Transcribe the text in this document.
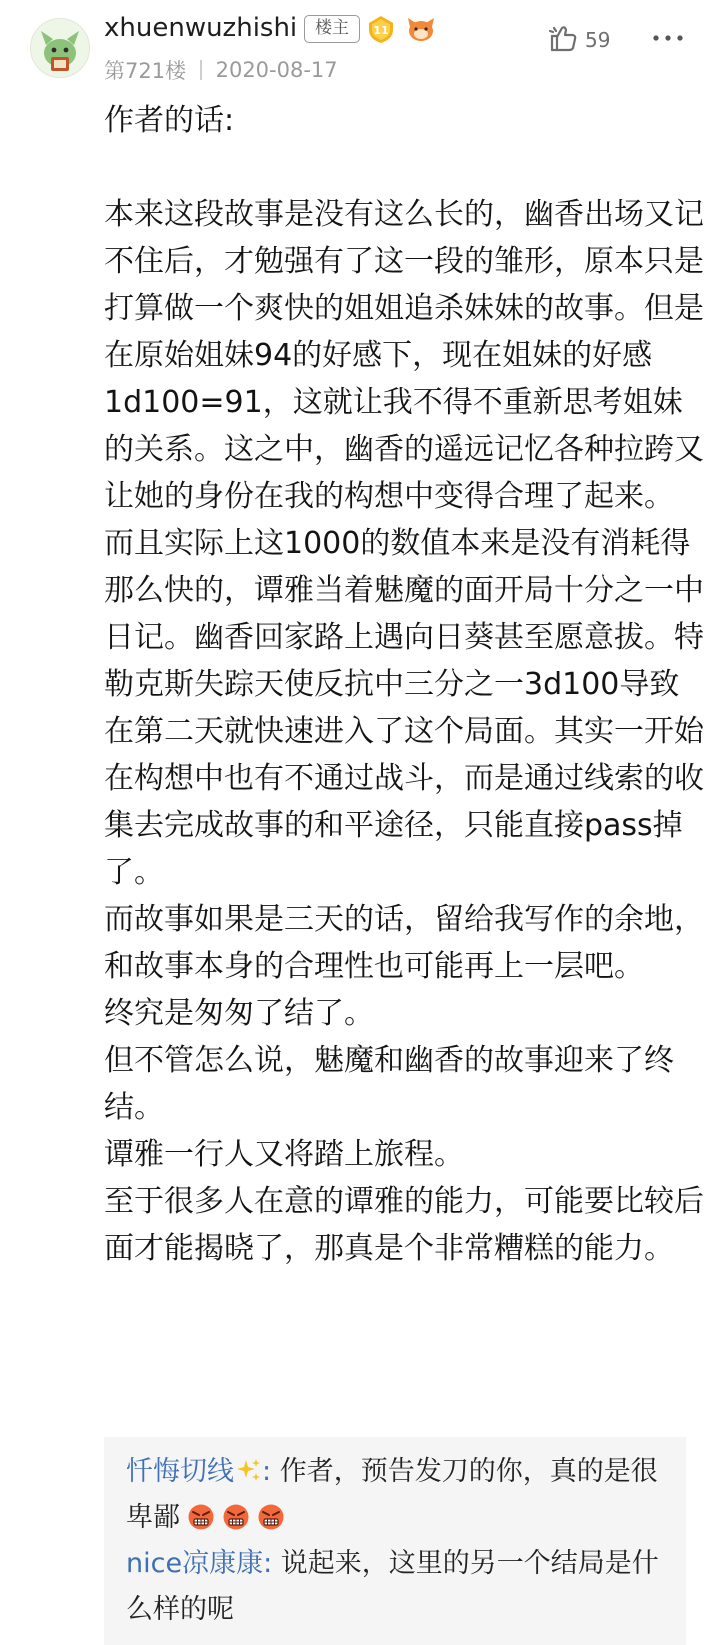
xhuenwuzhishi	楼主	11
第721楼 2020-08-17
59

作者的话:

本来这段故事是没有这么长的，幽香出场又记不住后，才勉强有了这一段的雏形，原本只是打算做一个爽快的姐姐追杀妹妹的故事。但是在原始姐妹94的好感下，现在姐妹的好感1d100=91，这就让我不得不重新思考姐妹的关系。这之中，幽香的遥远记忆各种拉跨又让她的身份在我的构想中变得合理了起来。

而且实际上这1000的数值本来是没有消耗得那么快的，谭雅当着魅魔的面开局十分之一中日记。幽香回家路上遇向日葵甚至愿意拔。特勒克斯失踪天使反抗中三分之一3d100导致在第二天就快速进入了这个局面。其实一开始在构想中也有不通过战斗，而是通过线索的收集去完成故事的和平途径，只能直接pass掉了。

而故事如果是三天的话，留给我写作的余地，和故事本身的合理性也可能再上一层吧。

终究是匆匆了结了。

但不管怎么说，魅魔和幽香的故事迎来了终结。

谭雅一行人又将踏上旅程。

至于很多人在意的谭雅的能力，可能要比较后面才能揭晓了，那真是个非常糟糕的能力。

忏悔切线 : 作者，预告发刀的你，真的是很卑鄙
nice凉康康: 说起来，这里的另一个结局是什么样的呢
